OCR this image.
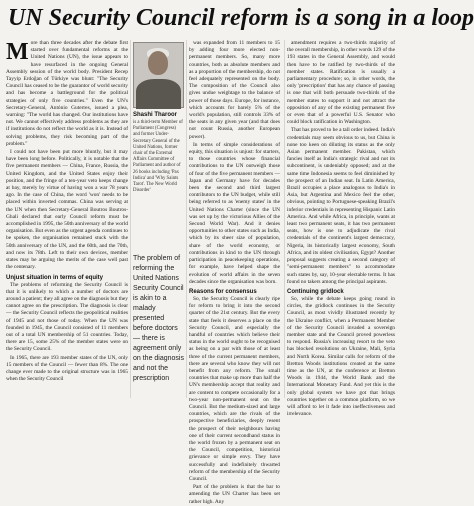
UN Security Council reform is a song in a loop

More than three decades after the debate first started over fundamental reforms at the United Nations (UN), the issue appears to have resurfaced in the ongoing General Assembly session of the world body. President Recep Tayyip Erdoğan of Türkiye was blunt: "The Security Council has ceased to be the guarantor of world security and has become a battleground for the political strategies of only five countries." Even the UN's Secretary-General, António Guterres, issued a plea, warning: "The world has changed. Our institutions have not. We cannot effectively address problems as they are if institutions do not reflect the world as it is. Instead of solving problems, they risk becoming part of the problem."

I could not have been put more bluntly, but it may have been long before. Politically, it is notable that the five permanent members — China, France, Russia, the United Kingdom, and the United States enjoy their position, and the fringe of a ten-year veto keeps change at bay, merely by virtue of having won a war 78 years ago. In the case of China, the word 'won' needs to be placed within inverted commas. China was serving at the UN when then Secretary-General Boutros Boutros-Ghali declared that early Council reform must be accomplished in 1995, the 50th anniversary of the world organisation. But even as the urgent agenda continues to be spoken, the organisation remained stuck with the 50th anniversary of the UN, and the 60th, and the 70th, and now its 78th. Left to their own devices, member states may be arguing the merits of the case well past the centenary.

Unjust situation in terms of equity

The problems of reforming the Security Council is that it is unlikely to which a number of doctors are around a patient; they all agree on the diagnosis but they cannot agree on the prescription. The diagnosis is clear — the Security Council reflects the geopolitical realities of 1945 and not those of today. When the UN was founded in 1945, the Council consisted of 11 members out of a total UN membership of 51 countries. Today, there are 15, some 25% of the member states were on the Security Council.

In 1965, there are 193 member states of the UN, only 15 members of the Council — fewer than 8%. The one change ever made to the original structure was in 1965 when the Security Council

Shashi Tharoor
is a third-term Member of Parliament (Congress) and former Under-Secretary General of the United Nations, former chair of the External Affairs Committee of Parliament and author of 26 books including 'Pax Indica' and 'Why Saints Tarot'. The New World Disorder'
The problem of reforming the United Nations Security Council is akin to a malady presented before doctors — there is agreement only on the diagnosis and not the prescription

was expanded from 11 members to 15 by adding four more elected non-permanent members. So, many more countries, both as absolute members and as a proportion of the membership, do not feel adequately represented on the body. The composition of the Council also gives undue weightage to the balance of power of those days. Europe, for instance, which accounts for barely 5% of the world's population, still controls 33% of the seats in any given year (and that does not count Russia, another European power).

In terms of simple considerations of equity, this situation is unjust: for starters, to those countries whose financial contributions to the UN outweigh those of four of the five permanent members — Japan and Germany have for decades been the second and third largest contributors to the UN budget, while still being referred to as 'enemy states' in the United Nations Charter (since the UN was set up by the victorious Allies of the Second World War). And it denies opportunities to other states such as India, which by its sheer size of population, share of the world economy, or contributions in kind to the UN through participation in peacekeeping operations, for example, have helped shape the evolution of world affairs in the seven decades since the organisation was born.

Reasons for consensus

So, the Security Council is clearly ripe for reform to bring it into the second quarter of the 21st century. But the every state that feels it deserves a place on the Security Council, and especially the handful of countries which believe their status in the world ought to be recognised as being on a par with those of at least three of the current permanent members, there are several who know they will not benefit from any reform. The small countries that make up more than half the UN's membership accept that reality and are content to compete occasionally for a two-year non-permanent seat on the Council. But the medium-sized and large countries, which are the rivals of the prospective beneficiaries, deeply resent the prospect of their neighbours having one of their current secondhand status in the world frozen by a permanent seat on the Council, competition, historical grievance or simple envy. They have successfully and indefinitely thwarted reform of the membership of the Security Council.

Part of the problem is that the bar to amending the UN Charter has been set rather high. Any

amendment requires a two-thirds majority of the overall membership, in other words 129 of the 193 states in the General Assembly, and would then have to be ratified by two-thirds of the member states. Ratification is usually a parliamentary procedure; so, in other words, the only 'prescription' that has any chance of passing is one that will both persuade two-thirds of the member states to support it and not attract the opposition of any of the existing permanent five or even that of a powerful U.S. Senator who could block ratification in Washington.

That has proved to be a tall order indeed. India's credentials may seem obvious to us, but China is none too keen on diluting its status as the only Asian permanent member. Pakistan, which fancies itself as India's strategic rival and not its subcontinent, is undeniably opposed; and at the same time Indonesia seems to feel diminished by the prospect of an Indian seat. In Latin America, Brazil occupies a place analogous to India's in Asia, but Argentina and Mexico feel the other, obvious, pointing to Portuguese-speaking Brazil's inferior credentials in representing Hispanic Latin America. And while Africa, in principle, wants at least two permanent seats, it has two permanent seats, how is one to adjudicate the rival credentials of the continent's largest democracy, Nigeria, its historically largest economy, South Africa, and its oldest civilisation, Egypt? Another proposal suggests creating a second category of "semi-permanent members" to accommodate such states by, say, 10-year electable terms. It has found no takers among the principal aspirants.

Continuing gridlock

So, while the debate keeps going round in circles, the gridlock continues in the Security Council, as most vividly illustrated recently by the Ukraine conflict, when a Permanent Member of the Security Council invaded a sovereign member state and the Council proved powerless to respond. Russia's increasing resort to the veto has blocked resolutions on Ukraine, Mali, Syria and North Korea. Similar calls for reform of the Bretton Woods institutions created at the same time as the UN, at the conference at Bretton Woods in 1944, the World Bank and the International Monetary Fund. And yet this is the only global system we have got that brings countries together on a common platform, so we will afford to let it fade into ineffectiveness and irrelevance.
